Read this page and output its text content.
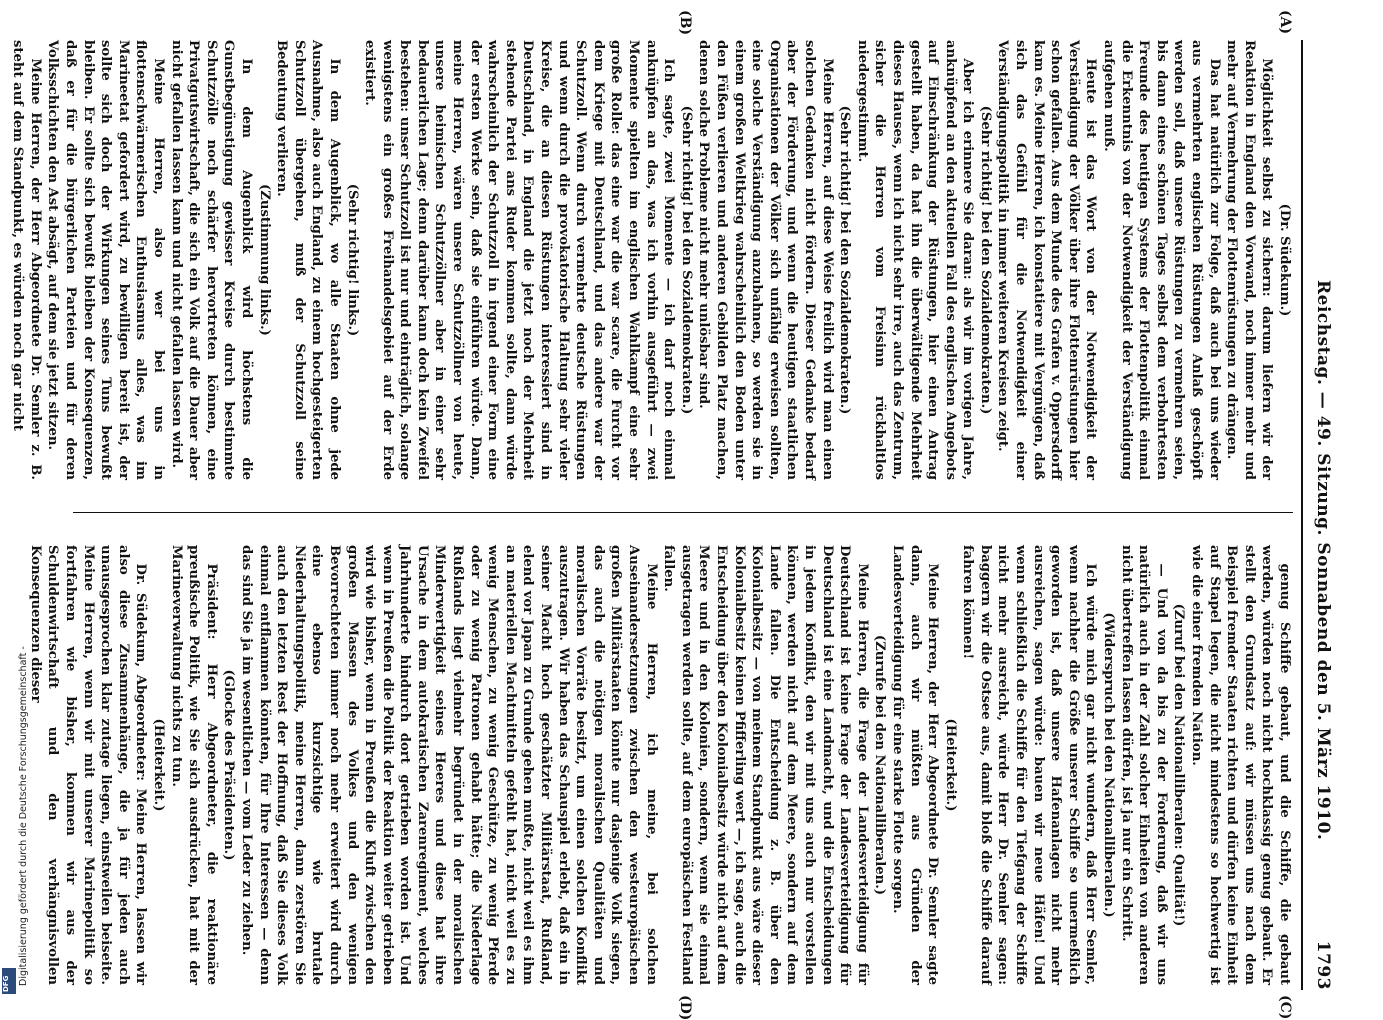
Reichstag. — 49. Sitzung. Sonnabend den 5. März 1910.
1793

(Dr. Südekum.)

Möglichkeit selbst zu sichern: darum liefern wir der Reaktion in England den Vorwand, noch immer mehr und mehr auf Vermehrung der Flottenrüstungen zu drängen.

Das hat natürlich zur Folge, daß auch bei uns wieder aus vermehrten englischen Rüstungen Anlaß geschöpft werden soll, daß unsere Rüstungen zu vermehren seien, bis dann eines schönen Tages selbst dem verbohrtesten Freunde des heutigen Systems der Flottenpolitik einmal die Erkenntnis von der Notwendigkeit der Verständigung aufgehen muß.

Heute ist das Wort von der Notwendigkeit der Verständigung der Völker über ihre Flottenrüstungen hier schon gefallen. Aus dem Munde des Grafen v. Oppersdorff kam es. Meine Herren, ich konstatiere mit Vergnügen, daß sich das Gefühl für die Notwendigkeit einer Verständigungspolitik in immer weiteren Kreisen zeigt.

(Sehr richtig! bei den Sozialdemokraten.)

Aber ich erinnere Sie daran: als wir im vorigen Jahre, anknüpfend an den aktuellen Fall des englischen Angebots auf Einschränkung der Rüstungen, hier einen Antrag gestellt haben, da hat ihn die überwältigende Mehrheit dieses Hauses, wenn ich nicht sehr irre, auch das Zentrum, sicher die Herren vom Freisinn rückhaltlos niedergestimmt.

(Sehr richtig! bei den Sozialdemokraten.)

Meine Herren, auf diese Weise freilich wird man einen solchen Gedanken nicht fördern. Dieser Gedanke bedarf aber der Förderung, und wenn die heutigen staatlichen Organisationen der Völker sich unfähig erweisen sollten, eine solche Verständigung anzubahnen, so werden sie in einem großen Weltkrieg wahrscheinlich den Boden unter den Füßen verlieren und anderen Gebilden Platz machen, denen solche Probleme nicht mehr unlösbar sind.

(Sehr richtig! bei den Sozialdemokraten.)

Ich sagte, zwei Momente — ich darf noch einmal anknüpfen an das, was ich vorhin ausgeführt — zwei Momente spielten im englischen Wahlkampf eine sehr große Rolle: das eine war die war scare, die Furcht vor dem Kriege mit Deutschland, und das andere war der Schutzzoll. Wenn durch vermehrte deutsche Rüstungen und wenn durch die provokatorische Haltung sehr vieler Kreise, die an diesen Rüstungen interessiert sind in Deutschland, in England die jetzt noch der Mehrheit stehende Partei ans Ruder kommen sollte, dann würde wahrscheinlich der Schutzzoll in irgend einer Form eine der ersten Werke sein, daß sie einführen würde. Dann, meine Herren, wären unsere Schutzzöllner von heute, unsere heimischen Schutzzöllner aber in einer sehr bedauerlichen Lage; denn darüber kann doch kein Zweifel bestehen: unser Schutzzoll ist nur und einträglich, solange wenigstens ein großes Freihandelsgebiet auf der Erde existiert.

(Sehr richtig! links.)

In dem Augenblick, wo alle Staaten ohne jede Ausnahme, also auch England, zu einem hochgesteigerten Schutzzoll übergehen, muß der Schutzzoll seine Bedeutung verlieren.

(Zustimmung links.)

In dem Augenblick wird höchstens die Gunstbegünstigung gewisser Kreise durch bestimmte Schutzzölle noch schärfer hervortreten können, eine Privatgutswirtschaft, die sich ein Volk auf die Dauer aber nicht gefallen lassen kann und nicht gefallen lassen wird.

Meine Herren, also wer bei uns in flottenschwärmerischen Enthusiasmus alles, was im Marineetat gefordert wird, zu bewilligen bereit ist, der sollte sich doch der Wirkungen seines Tuns bewußt bleiben. Er sollte sich bewußt bleiben der Konsequenzen, daß er für die bürgerlichen Parteien und für deren Volksschichten den Ast absägt, auf dem sie jetzt sitzen.

Meine Herren, der Herr Abgeordnete Dr. Semler z. B. steht auf dem Standpunkt, es würden noch gar nicht

genug Schiffe gebaut, und die Schiffe, die gebaut werden, würden noch nicht hochklassig genug gebaut. Er stellt den Grundsatz auf: wir müssen uns nach dem Beispiel fremder Staaten richten und dürfen keine Einheit auf Stapel legen, die nicht mindestens so hochwertig ist wie die einer fremden Nation.

(Zuruf bei den Nationalliberalen: Qualität!)

— Und von da bis zu der Forderung, daß wir uns natürlich auch in der Zahl solcher Einheiten von anderen nicht übertreffen lassen dürfen, ist ja nur ein Schritt.

(Widerspruch bei den Nationalliberalen.)

Ich würde mich gar nicht wundern, daß Herr Semler, wenn nachher die Größe unserer Schiffe so unermeßlich geworden ist, daß unsere Hafenanlagen nicht mehr ausreichen, sagen würde: bauen wir neue Häfen! Und wenn schließlich die Schiffe für den Tiefgang der Schiffe nicht mehr ausreicht, würde Herr Dr. Semler sagen: baggern wir die Ostsee aus, damit bloß die Schiffe darauf fahren können!

(Heiterkeit.)

Meine Herren, der Herr Abgeordnete Dr. Semler sagte dann, auch wir müßten aus Gründen der Landesverteidigung für eine starke Flotte sorgen.

(Zurufe bei den Nationalliberalen.)

Meine Herren, die Frage der Landesverteidigung für Deutschland ist keine Frage der Landesverteidigung für Deutschland ist eine Landmacht, und die Entscheidungen in jedem Konflikt, den wir mit uns auch nur vorstellen können, werden nicht auf dem Meere, sondern auf dem Lande fallen. Die Entscheidung z. B. über den Kolonialbesitz — von meinem Standpunkt aus wäre dieser Kolonialbesitz keinen Pfifferling wert —, ich sage, auch die Entscheidung über den Kolonialbesitz würde nicht auf dem Meere und in den Kolonien, sondern, wenn sie einmal ausgetragen werden sollte, auf dem europäischen Festland fallen.

Meine Herren, ich meine, bei solchen Auseinandersetzungen zwischen den westeuropäischen großen Militärstaaten könnte nur dasjenige Volk siegen, das auch die nötigen moralischen Qualitäten und moralischen Vorräte besitzt, um einen solchen Konflikt auszutragen. Wir haben das Schauspiel erlebt, daß ein in seiner Macht hoch geschätzter Militärstaat, Rußland, elend vor Japan zu Grunde gehen mußte, nicht weil es ihm an materiellen Machtmitteln gefehlt hat, nicht weil es zu wenig Menschen, zu wenig Geschütze, zu wenig Pferde oder zu wenig Patronen gehabt hätte; die Niederlage Rußlands liegt vielmehr begründet in der moralischen Minderwertigkeit seines Heeres und diese hat ihre Ursache in dem autokratischen Zarenregiment, welches Jahrhunderte hindurch dort getrieben worden ist. Und wenn in Preußen die Politik der Reaktion weiter getrieben wird wie bisher, wenn in Preußen die Kluft zwischen den großen Massen des Volkes und den wenigen Bevorrechteten immer noch mehr erweitert wird durch eine ebenso kurzsichtige wie brutale Niederhaltungspolitik, meine Herren, dann zerstören Sie auch den letzten Rest der Hoffnung, daß Sie dieses Volk einmal entflammen könnten, für Ihre Interessen — denn das sind Sie ja im wesentlichen — vom Leder zu ziehen.

(Glocke des Präsidenten.)

Präsident: Herr Abgeordneter, die reaktionäre preußische Politik, wie Sie sich ausdrücken, hat mit der Marineverwaltung nichts zu tun.

(Heiterkeit.)

Dr. Südekum, Abgeordneter: Meine Herren, lassen wir also diese Zusammenhänge, die ja für jeden auch unausgesprochen klar zutage liegen, einstweilen beiseite. Meine Herren, wenn wir mit unserer Marinepolitik so fortfahren wie bisher, kommen wir aus der Schuldenwirtschaft und den verhängnisvollen Konsequenzen dieser

(A)
(B)
(C)
(D)
Digitalisierung gefördert durch die Deutsche Forschungsgemeinschaft -
DFG
